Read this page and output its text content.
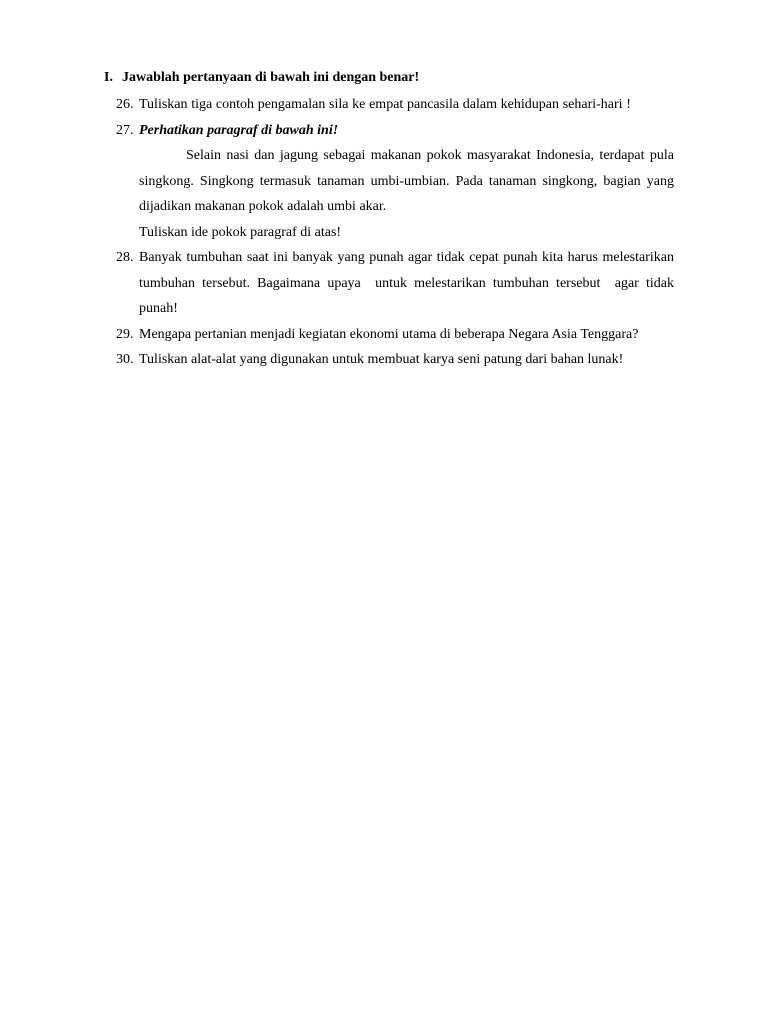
I. Jawablah pertanyaan di bawah ini dengan benar!
26. Tuliskan tiga contoh pengamalan sila ke empat pancasila dalam kehidupan sehari-hari !
27. Perhatikan paragraf di bawah ini!
Selain nasi dan jagung sebagai makanan pokok masyarakat Indonesia, terdapat pula singkong. Singkong termasuk tanaman umbi-umbian. Pada tanaman singkong, bagian yang dijadikan makanan pokok adalah umbi akar.
Tuliskan ide pokok paragraf di atas!
28. Banyak tumbuhan saat ini banyak yang punah agar tidak cepat punah kita harus melestarikan tumbuhan tersebut. Bagaimana upaya  untuk melestarikan tumbuhan tersebut  agar tidak punah!
29. Mengapa pertanian menjadi kegiatan ekonomi utama di beberapa Negara Asia Tenggara?
30. Tuliskan alat-alat yang digunakan untuk membuat karya seni patung dari bahan lunak!
